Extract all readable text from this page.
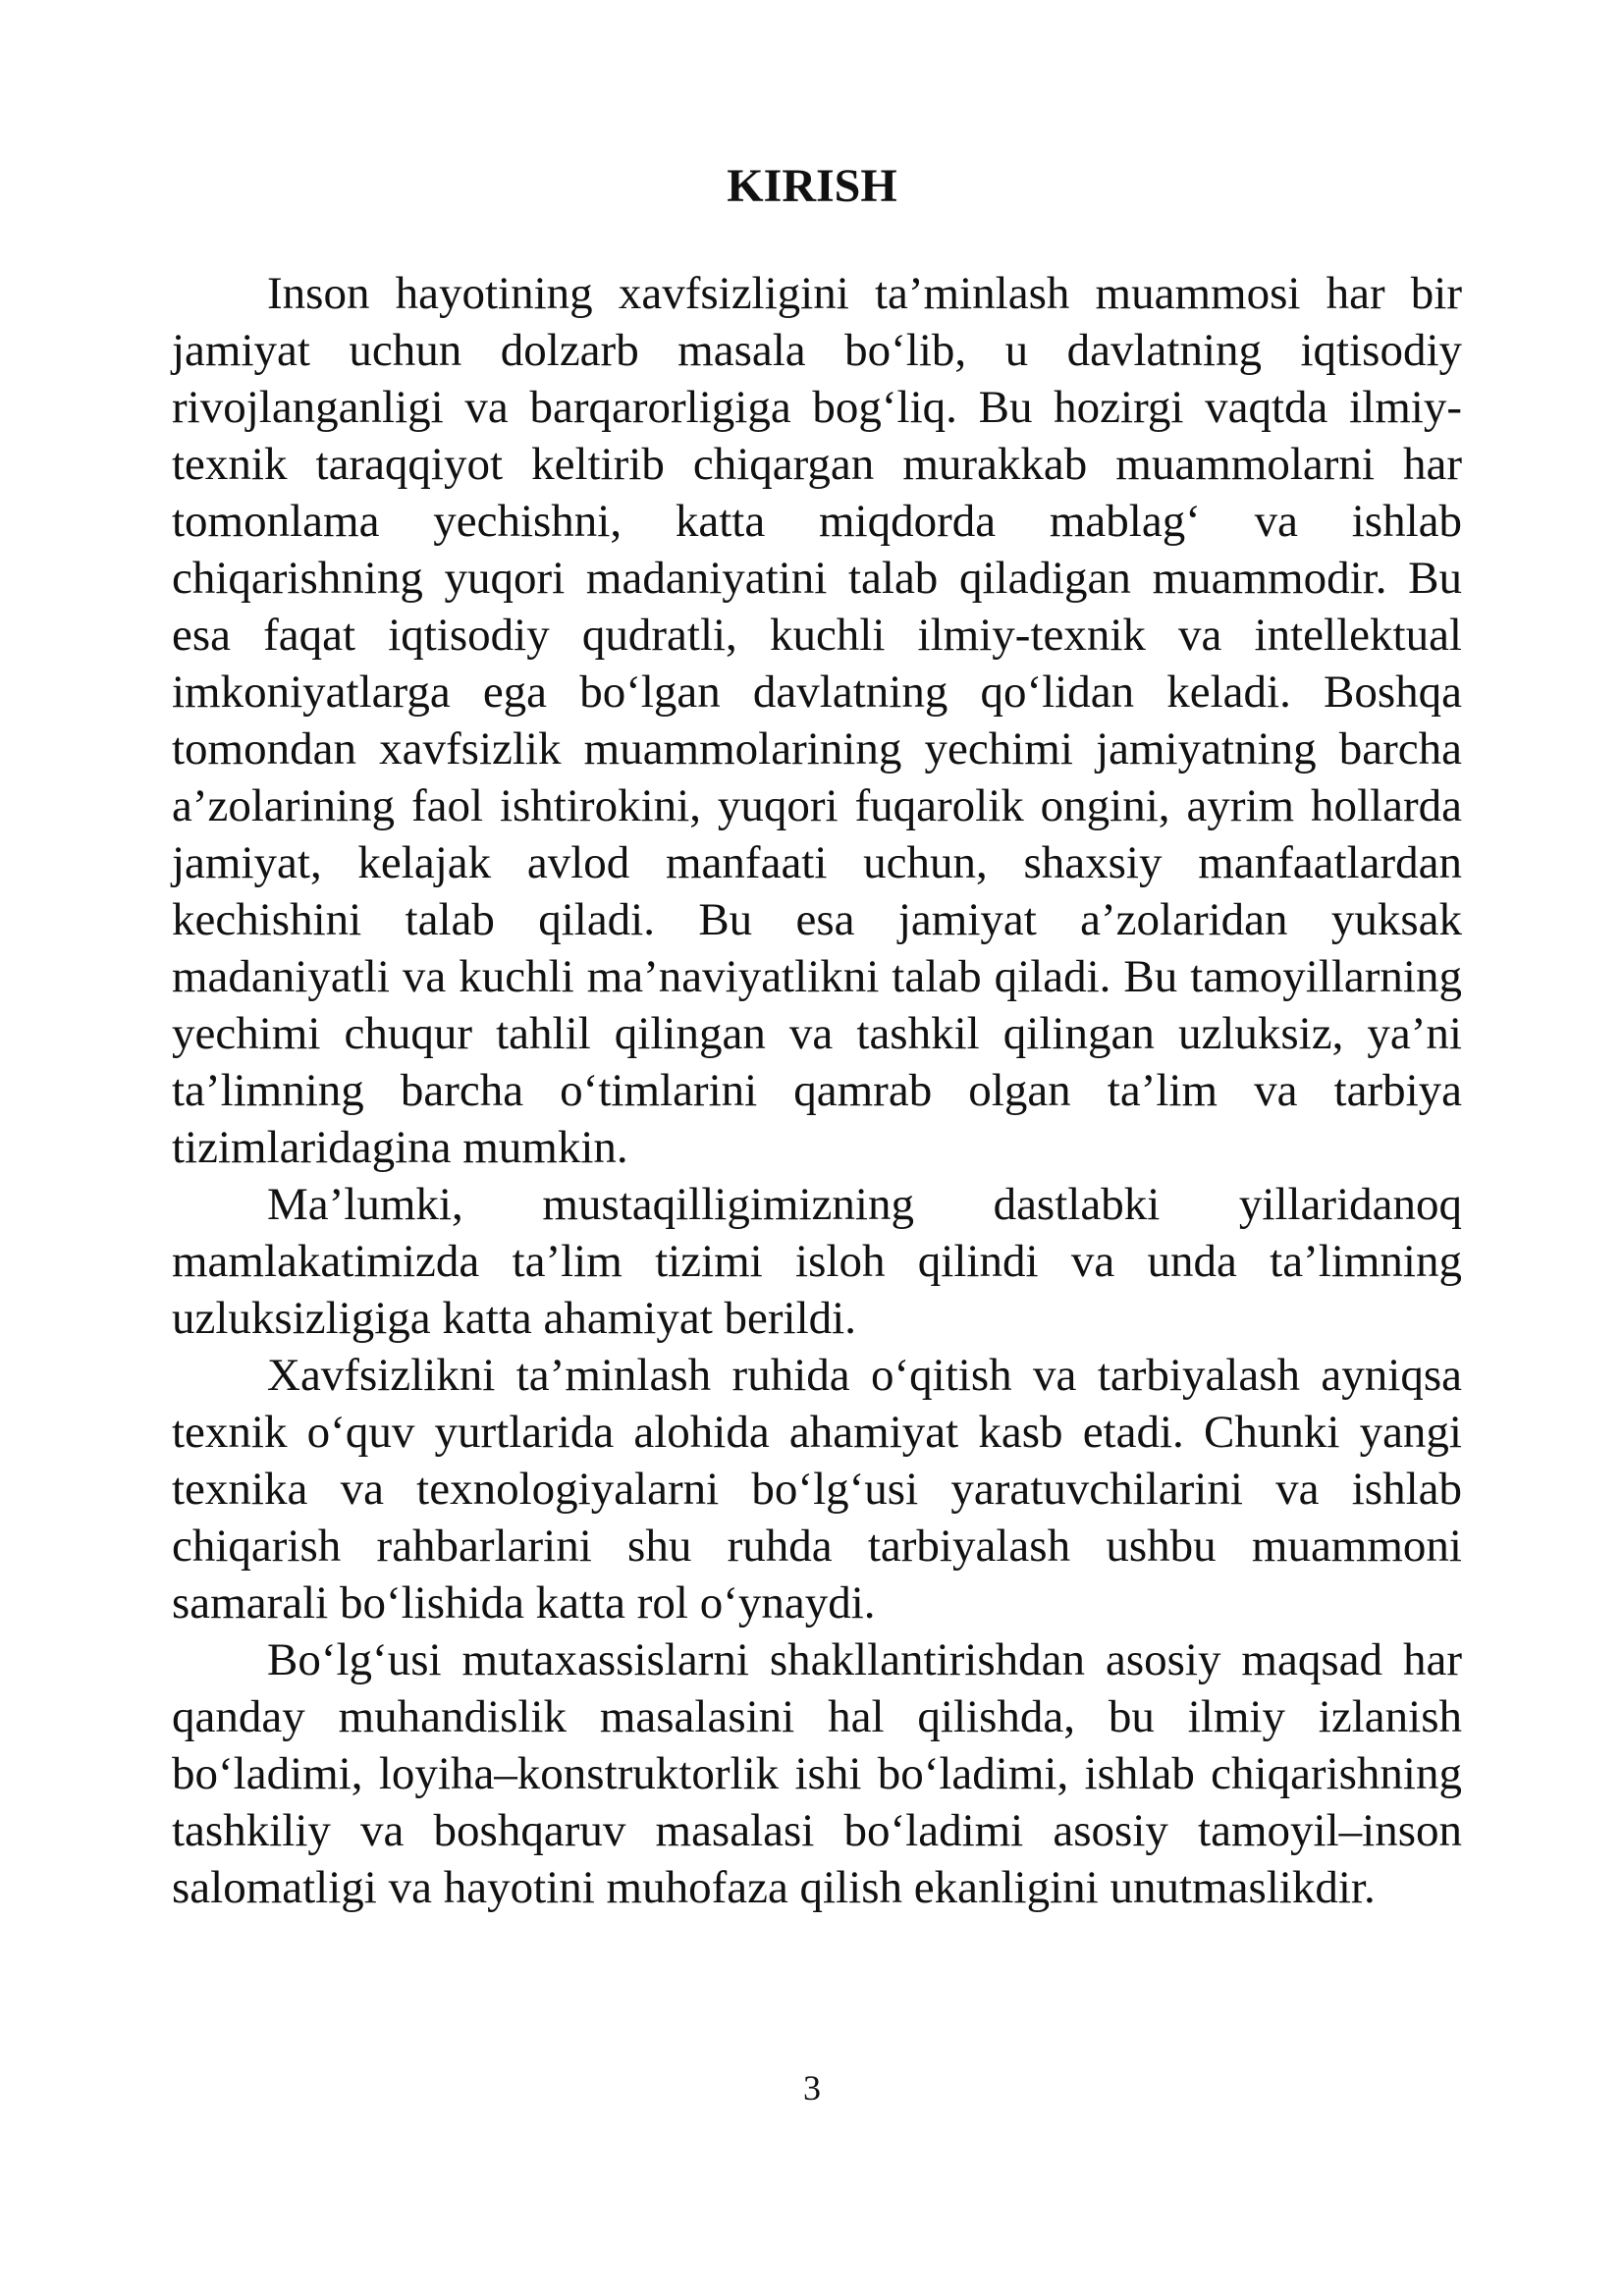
KIRISH

Inson hayotining xavfsizligini ta’minlash muammosi har bir jamiyat uchun dolzarb masala bo‘lib, u davlatning iqtisodiy rivojlanganligi va barqarorligiga bog‘liq. Bu hozirgi vaqtda ilmiy-texnik taraqqiyot keltirib chiqargan murakkab muammolarni har tomonlama yechishni, katta miqdorda mablag‘ va ishlab chiqarishning yuqori madaniyatini talab qiladigan muammodir. Bu esa faqat iqtisodiy qudratli, kuchli ilmiy-texnik va intellektual imkoniyatlarga ega bo‘lgan davlatning qo‘lidan keladi. Boshqa tomondan xavfsizlik muammolarining yechimi jamiyatning barcha a’zolarining faol ishtirokini, yuqori fuqarolik ongini, ayrim hollarda jamiyat, kelajak avlod manfaati uchun, shaxsiy manfaatlardan kechishini talab qiladi. Bu esa jamiyat a’zolaridan yuksak madaniyatli va kuchli ma’naviyatlikni talab qiladi. Bu tamoyillarning yechimi chuqur tahlil qilingan va tashkil qilingan uzluksiz, ya’ni ta’limning barcha o‘timlarini qamrab olgan ta’lim va tarbiya tizimlaridagina mumkin.

Ma’lumki, mustaqilligimizning dastlabki yillaridanoq mamlakatimizda ta’lim tizimi isloh qilindi va unda ta’limning uzluksizligiga katta ahamiyat berildi.

Xavfsizlikni ta’minlash ruhida o‘qitish va tarbiyalash ayniqsa texnik o‘quv yurtlarida alohida ahamiyat kasb etadi. Chunki yangi texnika va texnologiyalarni bo‘lg‘usi yaratuvchilarini va ishlab chiqarish rahbarlarini shu ruhda tarbiyalash ushbu muammoni samarali bo‘lishida katta rol o‘ynaydi.

Bo‘lg‘usi mutaxassislarni shakllantirishdan asosiy maqsad har qanday muhandislik masalasini hal qilishda, bu ilmiy izlanish bo‘ladimi, loyiha–konstruktorlik ishi bo‘ladimi, ishlab chiqarishning tashkiliy va boshqaruv masalasi bo‘ladimi asosiy tamoyil–inson salomatligi va hayotini muhofaza qilish ekanligini unutmaslikdir.

3
